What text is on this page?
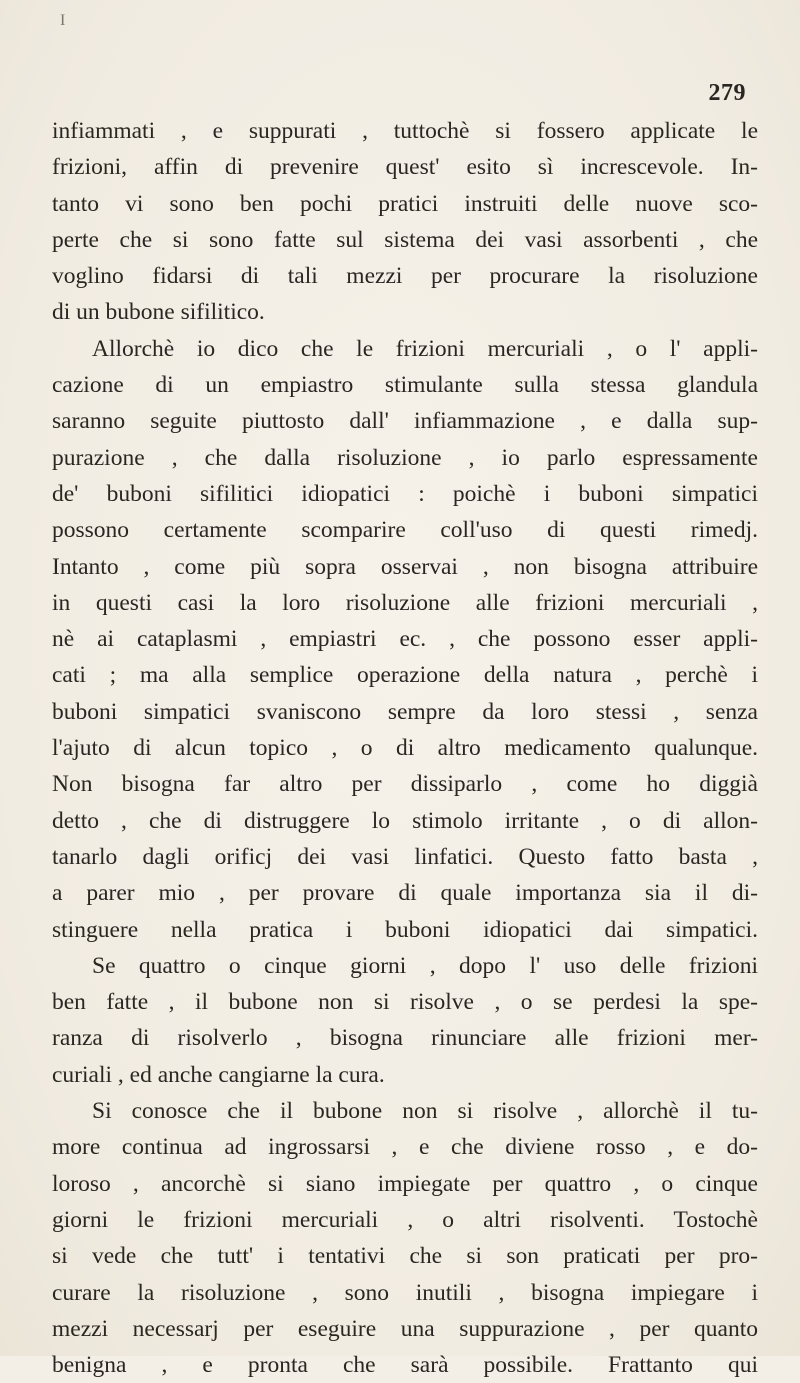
I
279
infiammati , e suppurati , tuttochè si fossero applicate le
frizioni, affin di prevenire quest' esito sì increscevole. In-
tanto vi sono ben pochi pratici instruiti delle nuove sco-
perte che si sono fatte sul sistema dei vasi assorbenti , che
voglino fidarsi di tali mezzi per procurare la risoluzione
di un bubone sifilitico.
Allorchè io dico che le frizioni mercuriali , o l' appli-
cazione di un empiastro stimulante sulla stessa glandula
saranno seguite piuttosto dall' infiammazione , e dalla sup-
purazione , che dalla risoluzione , io parlo espressamente
de' buboni sifilitici idiopatici : poichè i buboni simpatici
possono certamente scomparire coll'uso di questi rimedj.
Intanto , come più sopra osservai , non bisogna attribuire
in questi casi la loro risoluzione alle frizioni mercuriali ,
nè ai cataplasmi , empiastri ec. , che possono esser appli-
cati ; ma alla semplice operazione della natura , perchè i
buboni simpatici svaniscono sempre da loro stessi , senza
l'ajuto di alcun topico , o di altro medicamento qualunque.
Non bisogna far altro per dissiparlo , come ho diggià
detto , che di distruggere lo stimolo irritante , o di allon-
tanarlo dagli orificj dei vasi linfatici. Questo fatto basta ,
a parer mio , per provare di quale importanza sia il di-
stinguere nella pratica i buboni idiopatici dai simpatici.
Se quattro o cinque giorni , dopo l' uso delle frizioni
ben fatte , il bubone non si risolve , o se perdesi la spe-
ranza di risolverlo , bisogna rinunciare alle frizioni mer-
curiali , ed anche cangiarne la cura.
Si conosce che il bubone non si risolve , allorchè il tu-
more continua ad ingrossarsi , e che diviene rosso , e do-
loroso , ancorchè si siano impiegate per quattro , o cinque
giorni le frizioni mercuriali , o altri risolventi. Tostochè
si vede che tutt' i tentativi che si son praticati per pro-
curare la risoluzione , sono inutili , bisogna impiegare i
mezzi necessarj per eseguire una suppurazione , per quanto
benigna , e pronta che sarà possibile. Frattanto qui
